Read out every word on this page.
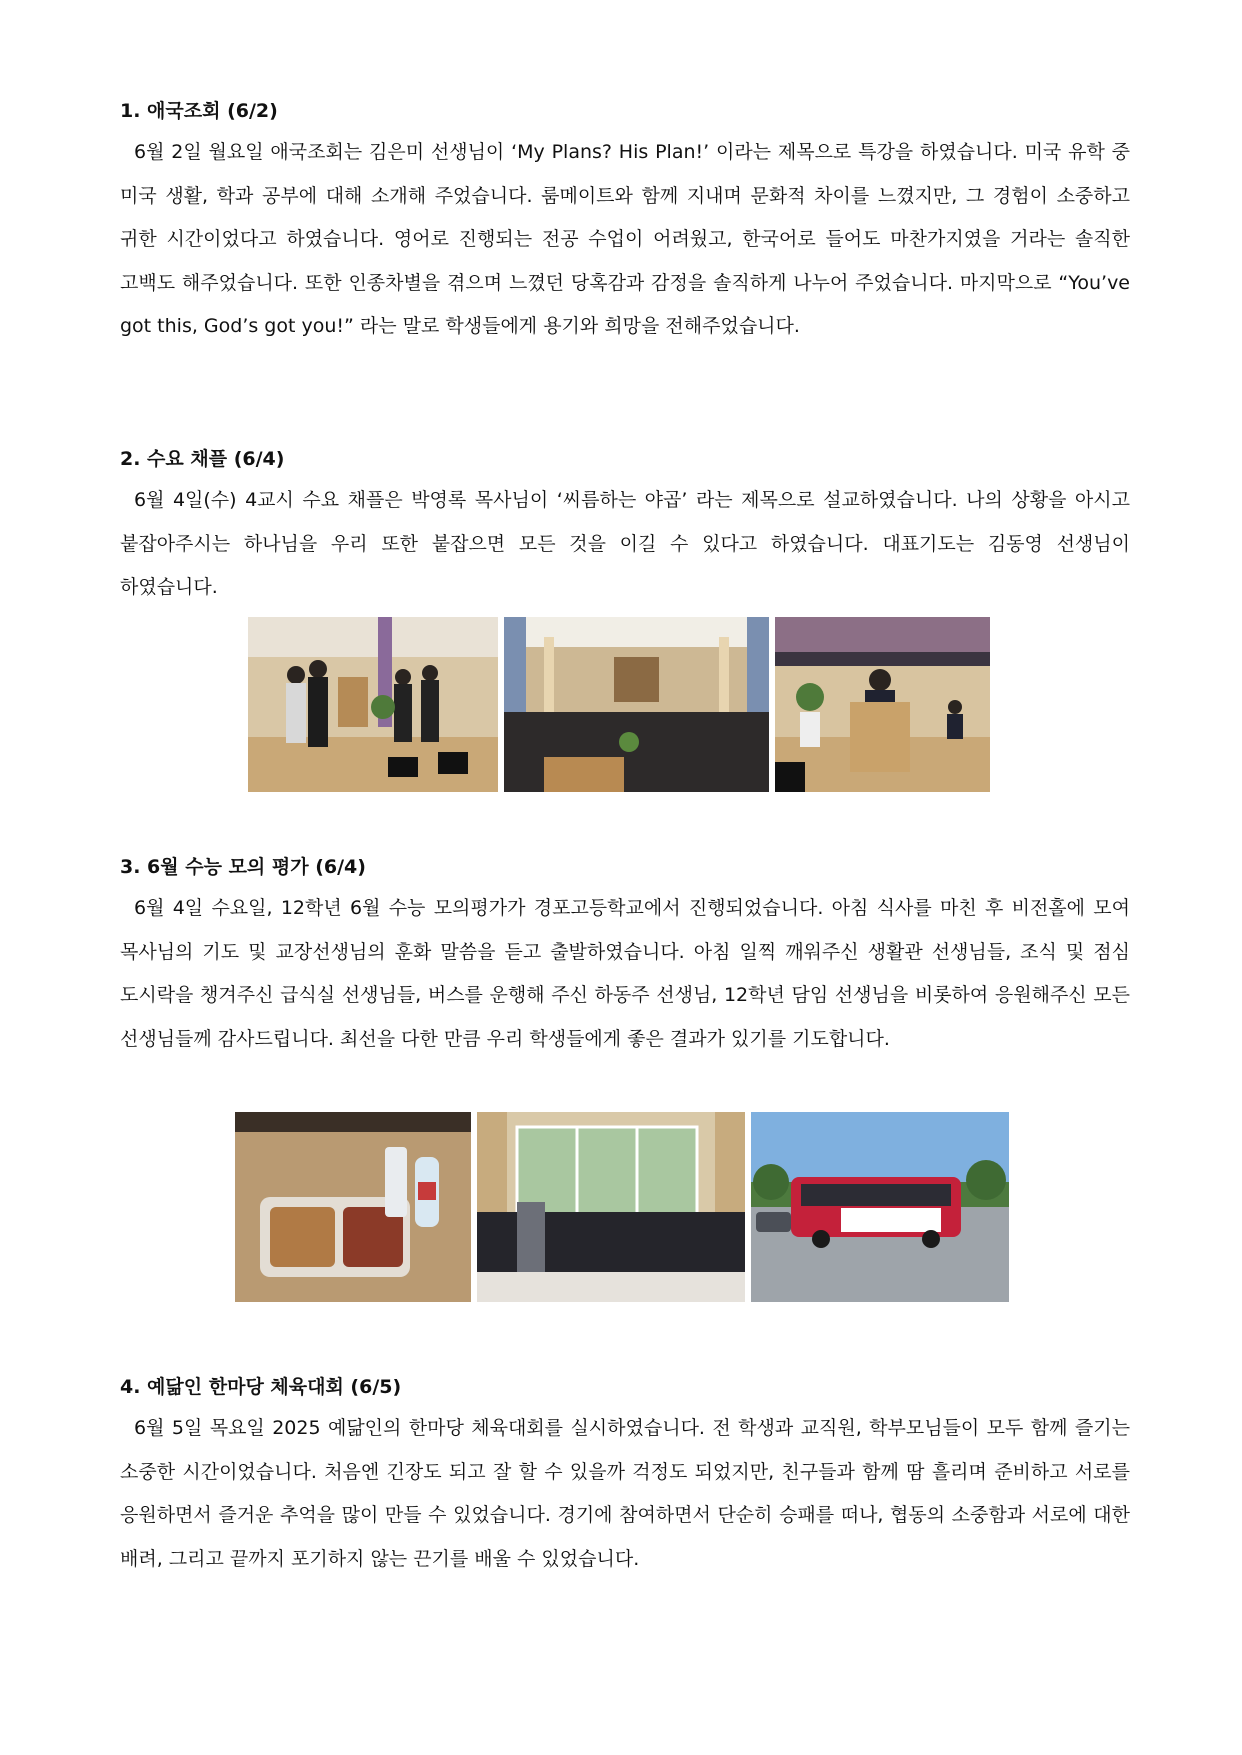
1. 애국조회 (6/2)

6월 2일 월요일 애국조회는 김은미 선생님이 ‘My Plans? His Plan!’ 이라는 제목으로 특강을 하였습니다. 미국 유학 중 미국 생활, 학과 공부에 대해 소개해 주었습니다. 룸메이트와 함께 지내며 문화적 차이를 느꼈지만, 그 경험이 소중하고 귀한 시간이었다고 하였습니다. 영어로 진행되는 전공 수업이 어려웠고, 한국어로 들어도 마찬가지였을 거라는 솔직한 고백도 해주었습니다. 또한 인종차별을 겪으며 느꼈던 당혹감과 감정을 솔직하게 나누어 주었습니다. 마지막으로 “You’ve got this, God’s got you!” 라는 말로 학생들에게 용기와 희망을 전해주었습니다.

2. 수요 채플 (6/4)

6월 4일(수) 4교시 수요 채플은 박영록 목사님이 ‘씨름하는 야곱’ 라는 제목으로 설교하였습니다. 나의 상황을 아시고 붙잡아주시는 하나님을 우리 또한 붙잡으면 모든 것을 이길 수 있다고 하였습니다. 대표기도는 김동영 선생님이 하였습니다.

3. 6월 수능 모의 평가 (6/4)

6월 4일 수요일, 12학년 6월 수능 모의평가가 경포고등학교에서 진행되었습니다. 아침 식사를 마친 후 비전홀에 모여 목사님의 기도 및 교장선생님의 훈화 말씀을 듣고 출발하였습니다. 아침 일찍 깨워주신 생활관 선생님들, 조식 및 점심 도시락을 챙겨주신 급식실 선생님들, 버스를 운행해 주신 하동주 선생님, 12학년 담임 선생님을 비롯하여 응원해주신 모든 선생님들께 감사드립니다. 최선을 다한 만큼 우리 학생들에게 좋은 결과가 있기를 기도합니다.

4. 예닮인 한마당 체육대회 (6/5)

6월 5일 목요일 2025 예닮인의 한마당 체육대회를 실시하였습니다. 전 학생과 교직원, 학부모님들이 모두 함께 즐기는 소중한 시간이었습니다. 처음엔 긴장도 되고 잘 할 수 있을까 걱정도 되었지만, 친구들과 함께 땀 흘리며 준비하고 서로를 응원하면서 즐거운 추억을 많이 만들 수 있었습니다. 경기에 참여하면서 단순히 승패를 떠나, 협동의 소중함과 서로에 대한 배려, 그리고 끝까지 포기하지 않는 끈기를 배울 수 있었습니다.
